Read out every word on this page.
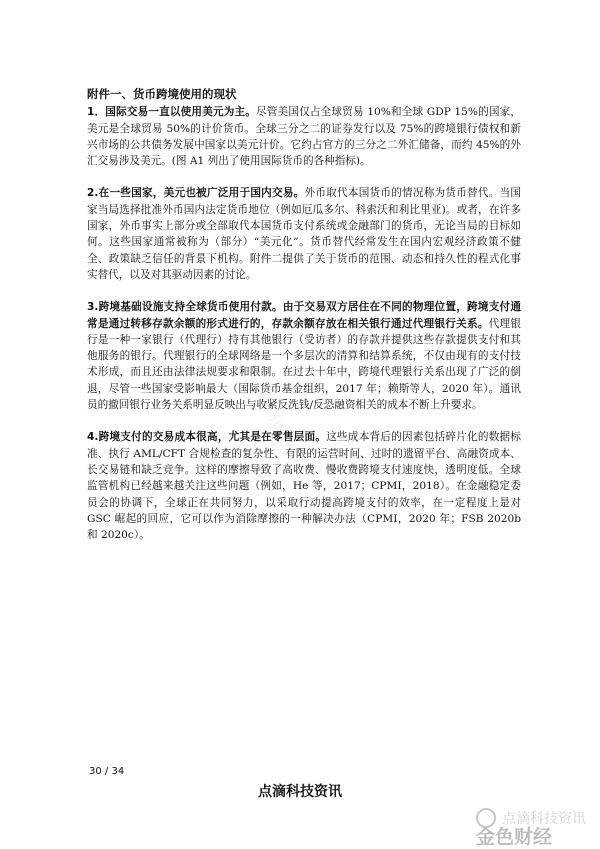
附件一、货币跨境使用的现状

1．国际交易一直以使用美元为主。尽管美国仅占全球贸易 10%和全球 GDP 15%的国家，美元是全球贸易 50%的计价货币。全球三分之二的证券发行以及 75%的跨境银行债权和新兴市场的公共债务发展中国家以美元计价。它约占官方的三分之二外汇储备，而约 45%的外汇交易涉及美元。(图 A1 列出了使用国际货币的各种指标)。

2.在一些国家，美元也被广泛用于国内交易。外币取代本国货币的情况称为货币替代。当国家当局选择批准外币国内法定货币地位（例如厄瓜多尔、科索沃和利比里亚)。或者，在许多国家，外币事实上部分或全部取代本国货币支付系统或金融部门的货币，无论当局的目标如何。这些国家通常被称为（部分）“美元化”。货币替代经常发生在国内宏观经济政策不健全、政策缺乏信任的背景下机构。附件二提供了关于货币的范围、动态和持久性的程式化事实替代，以及对其驱动因素的讨论。

3.跨境基础设施支持全球货币使用付款。由于交易双方居住在不同的物理位置，跨境支付通常是通过转移存款余额的形式进行的，存款余额存放在相关银行通过代理银行关系。代理银行是一种一家银行（代理行）持有其他银行（受访者）的存款并提供这些存款提供支付和其他服务的银行。代理银行的全球网络是一个多层次的清算和结算系统，不仅由现有的支付技术形成，而且还由法律法规要求和限制。在过去十年中，跨境代理银行关系出现了广泛的倒退，尽管一些国家受影响最大（国际货币基金组织，2017 年；赖斯等人，2020 年）。通讯员的撤回银行业务关系明显反映出与收紧反洗钱/反恐融资相关的成本不断上升要求。

4.跨境支付的交易成本很高，尤其是在零售层面。这些成本背后的因素包括碎片化的数据标准、执行 AML/CFT 合规检查的复杂性、有限的运营时间、过时的遗留平台、高融资成本、长交易链和缺乏竞争。这样的摩擦导致了高收费、慢收费跨境支付速度快，透明度低。全球监管机构已经越来越关注这些问题（例如，He 等，2017；CPMI，2018）。在金融稳定委员会的协调下，全球正在共同努力，以采取行动提高跨境支付的效率，在一定程度上是对 GSC 崛起的回应，它可以作为消除摩擦的一种解决办法（CPMI，2020 年；FSB 2020b 和 2020c）。

点滴科技资讯
30 / 34
点滴科技资讯
点滴科技资讯
金色财经
